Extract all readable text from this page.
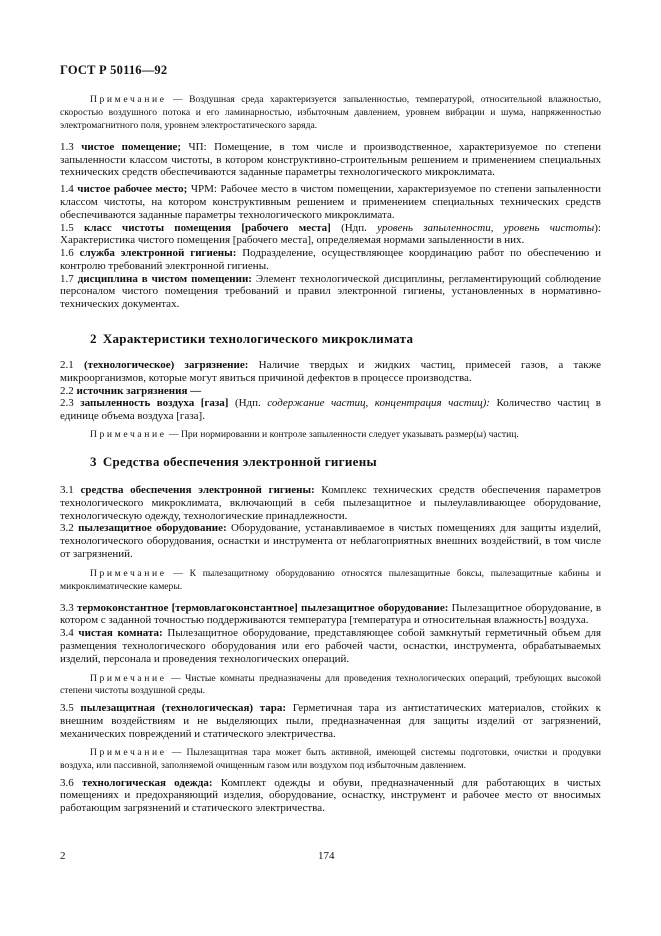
ГОСТ Р 50116—92

Примечание — Воздушная среда характеризуется запыленностью, температурой, относительной влажностью, скоростью воздушного потока и его ламинарностью, избыточным давлением, уровнем вибрации и шума, напряженностью электромагнитного поля, уровнем электростатического заряда.

1.3 чистое помещение; ЧП: Помещение, в том числе и производственное, характеризуемое по степени запыленности классом чистоты, в котором конструктивно-строительным решением и применением специальных технических средств обеспечиваются заданные параметры технологического микроклимата.

1.4 чистое рабочее место; ЧРМ: Рабочее место в чистом помещении, характеризуемое по степени запыленности классом чистоты, на котором конструктивным решением и применением специальных технических средств обеспечиваются заданные параметры технологического микроклимата.

1.5 класс чистоты помещения [рабочего места] (Ндп. уровень запыленности, уровень чистоты): Характеристика чистого помещения [рабочего места], определяемая нормами запыленности в них.

1.6 служба электронной гигиены: Подразделение, осуществляющее координацию работ по обеспечению и контролю требований электронной гигиены.

1.7 дисциплина в чистом помещении: Элемент технологической дисциплины, регламентирующий соблюдение персоналом чистого помещения требований и правил электронной гигиены, установленных в нормативно-технических документах.

2 Характеристики технологического микроклимата

2.1 (технологическое) загрязнение: Наличие твердых и жидких частиц, примесей газов, а также микроорганизмов, которые могут явиться причиной дефектов в процессе производства.

2.2 источник загрязнения —

2.3 запыленность воздуха [газа] (Ндп. содержание частиц, концентрация частиц): Количество частиц в единице объема воздуха [газа].

Примечание — При нормировании и контроле запыленности следует указывать размер(ы) частиц.

3 Средства обеспечения электронной гигиены

3.1 средства обеспечения электронной гигиены: Комплекс технических средств обеспечения параметров технологического микроклимата, включающий в себя пылезащитное и пылеулавливающее оборудование, технологическую одежду, технологические принадлежности.

3.2 пылезащитное оборудование: Оборудование, устанавливаемое в чистых помещениях для защиты изделий, технологического оборудования, оснастки и инструмента от неблагоприятных внешних воздействий, в том числе от загрязнений.

Примечание — К пылезащитному оборудованию относятся пылезащитные боксы, пылезащитные кабины и микроклиматические камеры.

3.3 термоконстантное [термовлагоконстантное] пылезащитное оборудование: Пылезащитное оборудование, в котором с заданной точностью поддерживаются температура [температура и относительная влажность] воздуха.

3.4 чистая комната: Пылезащитное оборудование, представляющее собой замкнутый герметичный объем для размещения технологического оборудования или его рабочей части, оснастки, инструмента, обрабатываемых изделий, персонала и проведения технологических операций.

Примечание — Чистые комнаты предназначены для проведения технологических операций, требующих высокой степени чистоты воздушной среды.

3.5 пылезащитная (технологическая) тара: Герметичная тара из антистатических материалов, стойких к внешним воздействиям и не выделяющих пыли, предназначенная для защиты изделий от загрязнений, механических повреждений и статического электричества.

Примечание — Пылезащитная тара может быть активной, имеющей системы подготовки, очистки и продувки воздуха, или пассивной, заполняемой очищенным газом или воздухом под избыточным давлением.

3.6 технологическая одежда: Комплект одежды и обуви, предназначенный для работающих в чистых помещениях и предохраняющий изделия, оборудование, оснастку, инструмент и рабочее место от вносимых работающим загрязнений и статического электричества.

2	174
